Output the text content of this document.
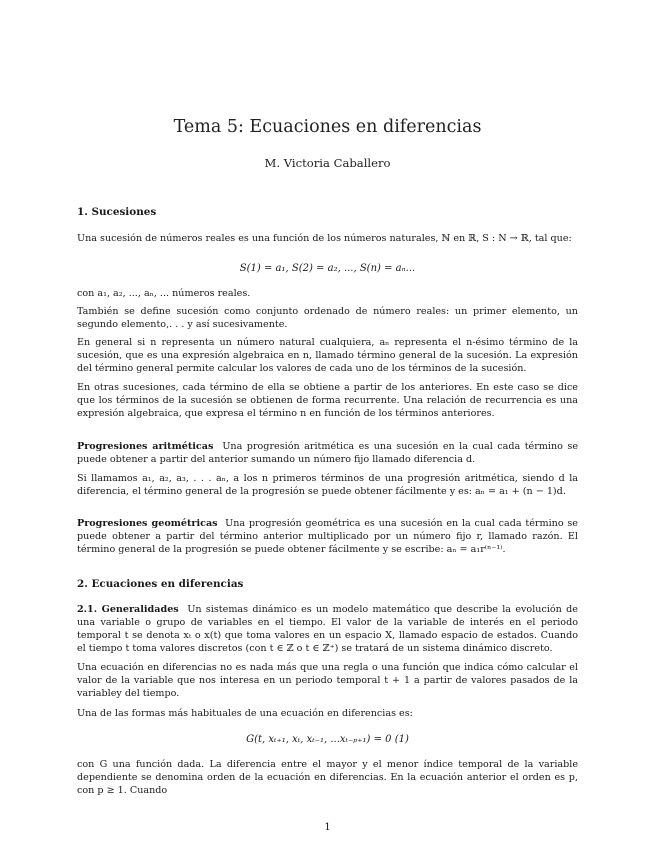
Tema 5: Ecuaciones en diferencias
M. Victoria Caballero
1. Sucesiones

Una sucesión de números reales es una función de los números naturales, ℕ en ℝ, S : N → ℝ, tal que:

S(1) = a₁, S(2) = a₂, ..., S(n) = aₙ...

con a₁, a₂, ..., aₙ, ... números reales.

También se define sucesión como conjunto ordenado de número reales: un primer elemento, un segundo elemento,. . . y así sucesivamente.

En general si n representa un número natural cualquiera, aₙ representa el n-ésimo término de la sucesión, que es una expresión algebraica en n, llamado término general de la sucesión. La expresión del término general permite calcular los valores de cada uno de los términos de la sucesión.

En otras sucesiones, cada término de ella se obtiene a partir de los anteriores. En este caso se dice que los términos de la sucesión se obtienen de forma recurrente. Una relación de recurrencia es una expresión algebraica, que expresa el término n en función de los términos anteriores.

Progresiones aritméticas Una progresión aritmética es una sucesión en la cual cada término se puede obtener a partir del anterior sumando un número fijo llamado diferencia d.

Si llamamos a₁, a₂, a₃, . . . aₙ, a los n primeros términos de una progresión aritmética, siendo d la diferencia, el término general de la progresión se puede obtener fácilmente y es: aₙ = a₁ + (n − 1)d.

Progresiones geométricas Una progresión geométrica es una sucesión en la cual cada término se puede obtener a partir del término anterior multiplicado por un número fijo r, llamado razón. El término general de la progresión se puede obtener fácilmente y se escribe: aₙ = a₁r⁽ⁿ⁻¹⁾.

2. Ecuaciones en diferencias

2.1. Generalidades Un sistemas dinámico es un modelo matemático que describe la evolución de una variable o grupo de variables en el tiempo. El valor de la variable de interés en el periodo temporal t se denota xₜ o x(t) que toma valores en un espacio X, llamado espacio de estados. Cuando el tiempo t toma valores discretos (con t ∈ ℤ o t ∈ ℤ⁺) se tratará de un sistema dinámico discreto.

Una ecuación en diferencias no es nada más que una regla o una función que indica cómo calcular el valor de la variable que nos interesa en un periodo temporal t + 1 a partir de valores pasados de la variabley del tiempo.

Una de las formas más habituales de una ecuación en diferencias es:

G(t, xₜ₊₁, xₜ, xₜ₋₁, ...xₜ₋ₚ₊₁) = 0 (1)

con G una función dada. La diferencia entre el mayor y el menor índice temporal de la variable dependiente se denomina orden de la ecuación en diferencias. En la ecuación anterior el orden es p, con p ≥ 1. Cuando

1
